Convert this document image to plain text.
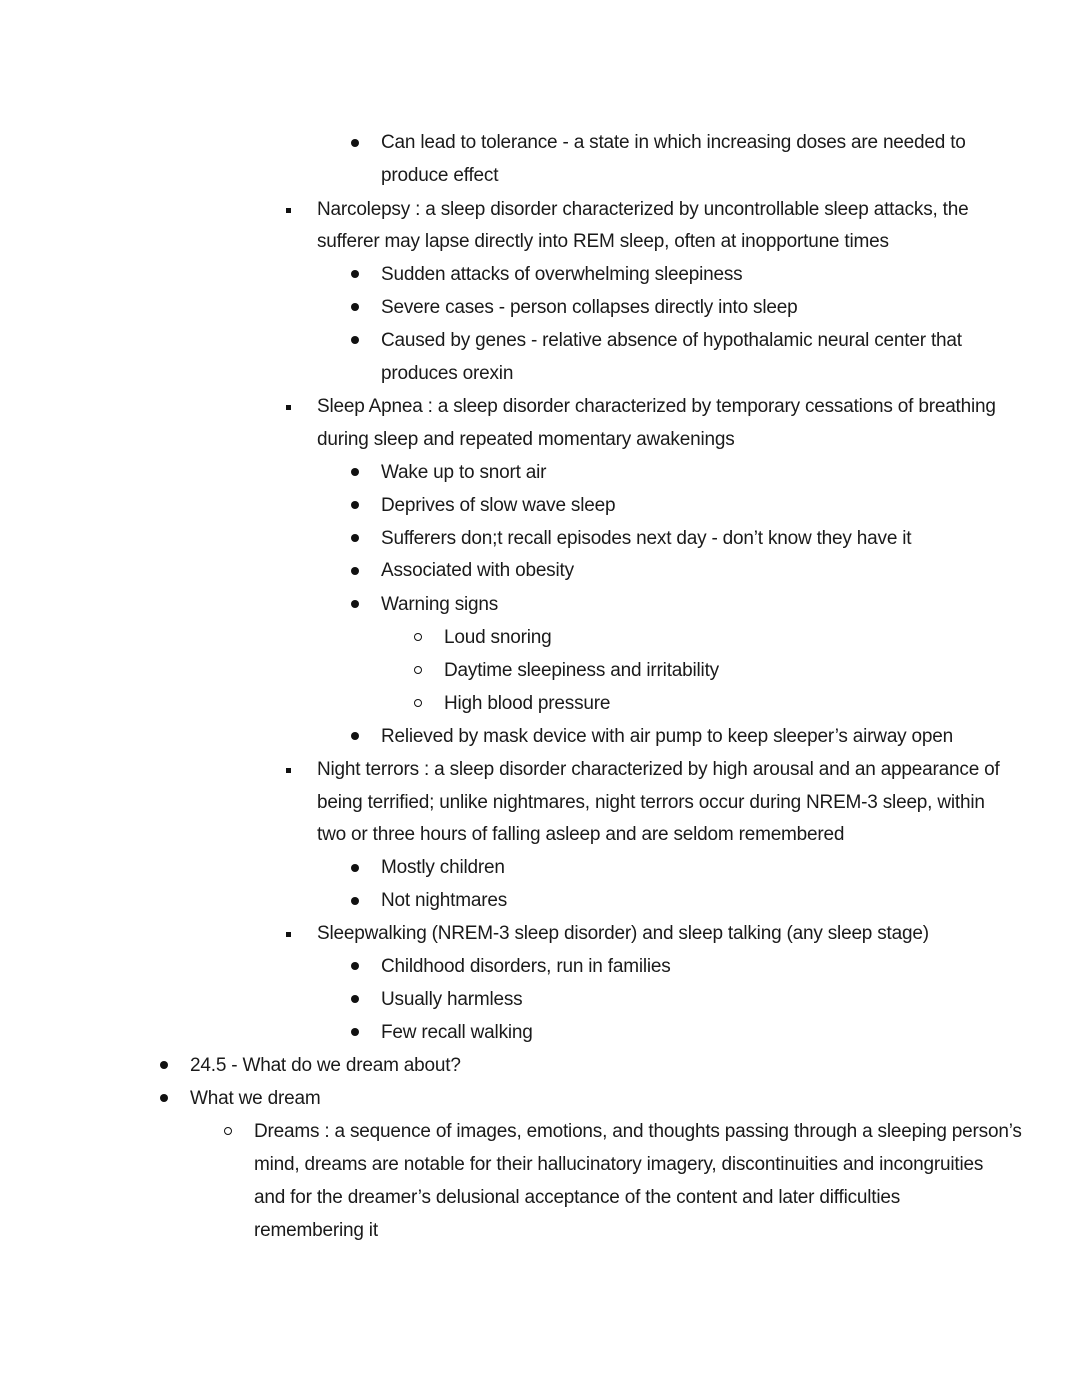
Can lead to tolerance - a state in which increasing doses are needed to
produce effect
Narcolepsy : a sleep disorder characterized by uncontrollable sleep attacks, the
sufferer may lapse directly into REM sleep, often at inopportune times
Sudden attacks of overwhelming sleepiness
Severe cases - person collapses directly into sleep
Caused by genes - relative absence of hypothalamic neural center that
produces orexin
Sleep Apnea : a sleep disorder characterized by temporary cessations of breathing
during sleep and repeated momentary awakenings
Wake up to snort air
Deprives of slow wave sleep
Sufferers don;t recall episodes next day - don’t know they have it
Associated with obesity
Warning signs
Loud snoring
Daytime sleepiness and irritability
High blood pressure
Relieved by mask device with air pump to keep sleeper’s airway open
Night terrors : a sleep disorder characterized by high arousal and an appearance of
being terrified; unlike nightmares, night terrors occur during NREM-3 sleep, within
two or three hours of falling asleep and are seldom remembered
Mostly children
Not nightmares
Sleepwalking (NREM-3 sleep disorder) and sleep talking (any sleep stage)
Childhood disorders, run in families
Usually harmless
Few recall walking
24.5 - What do we dream about?
What we dream
Dreams : a sequence of images, emotions, and thoughts passing through a sleeping person’s
mind, dreams are notable for their hallucinatory imagery, discontinuities and incongruities
and for the dreamer’s delusional acceptance of the content and later difficulties
remembering it
